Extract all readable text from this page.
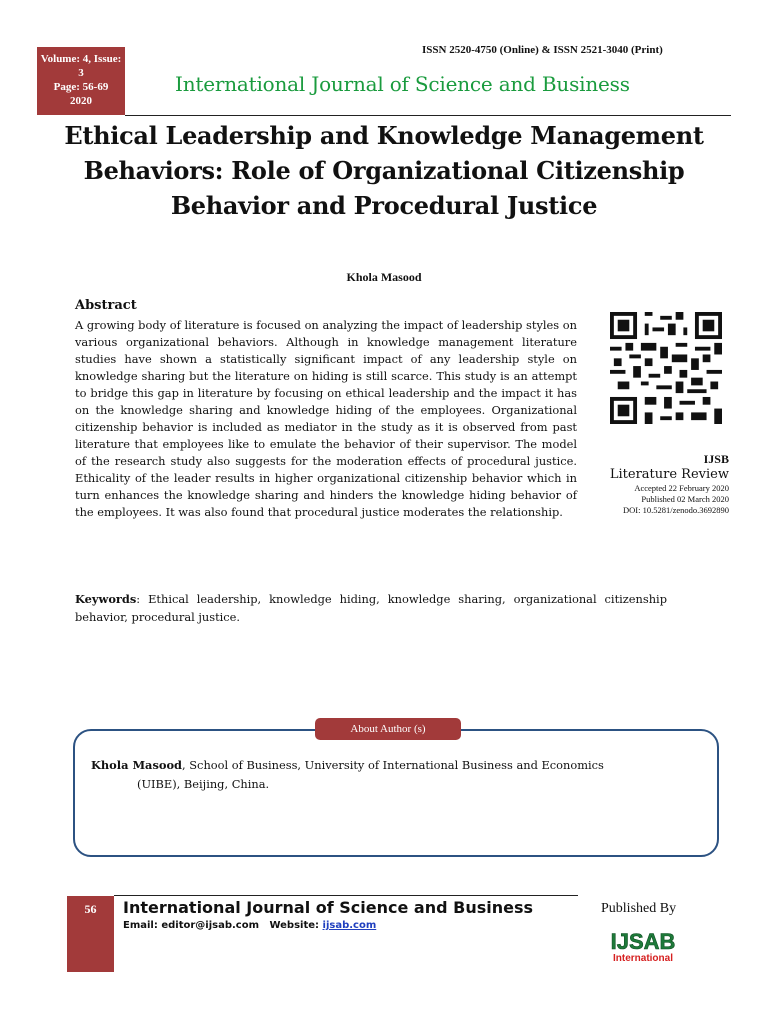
Volume: 4, Issue: 3
Page: 56-69
2020
ISSN 2520-4750 (Online) & ISSN 2521-3040 (Print)
International Journal of Science and Business
Ethical Leadership and Knowledge Management Behaviors: Role of Organizational Citizenship Behavior and Procedural Justice
Khola Masood
Abstract
A growing body of literature is focused on analyzing the impact of leadership styles on various organizational behaviors. Although in knowledge management literature studies have shown a statistically significant impact of any leadership style on knowledge sharing but the literature on hiding is still scarce. This study is an attempt to bridge this gap in literature by focusing on ethical leadership and the impact it has on the knowledge sharing and knowledge hiding of the employees. Organizational citizenship behavior is included as mediator in the study as it is observed from past literature that employees like to emulate the behavior of their supervisor. The model of the research study also suggests for the moderation effects of procedural justice. Ethicality of the leader results in higher organizational citizenship behavior which in turn enhances the knowledge sharing and hinders the knowledge hiding behavior of the employees. It was also found that procedural justice moderates the relationship.
IJSB
Literature Review
Accepted 22 February 2020
Published 02 March 2020
DOI: 10.5281/zenodo.3692890
Keywords: Ethical leadership, knowledge hiding, knowledge sharing, organizational citizenship behavior, procedural justice.
About Author (s)
Khola Masood, School of Business, University of International Business and Economics
(UIBE), Beijing, China.
56	International Journal of Science and Business
Email: editor@ijsab.com Website: ijsab.com
Published By
IJSAB
International
